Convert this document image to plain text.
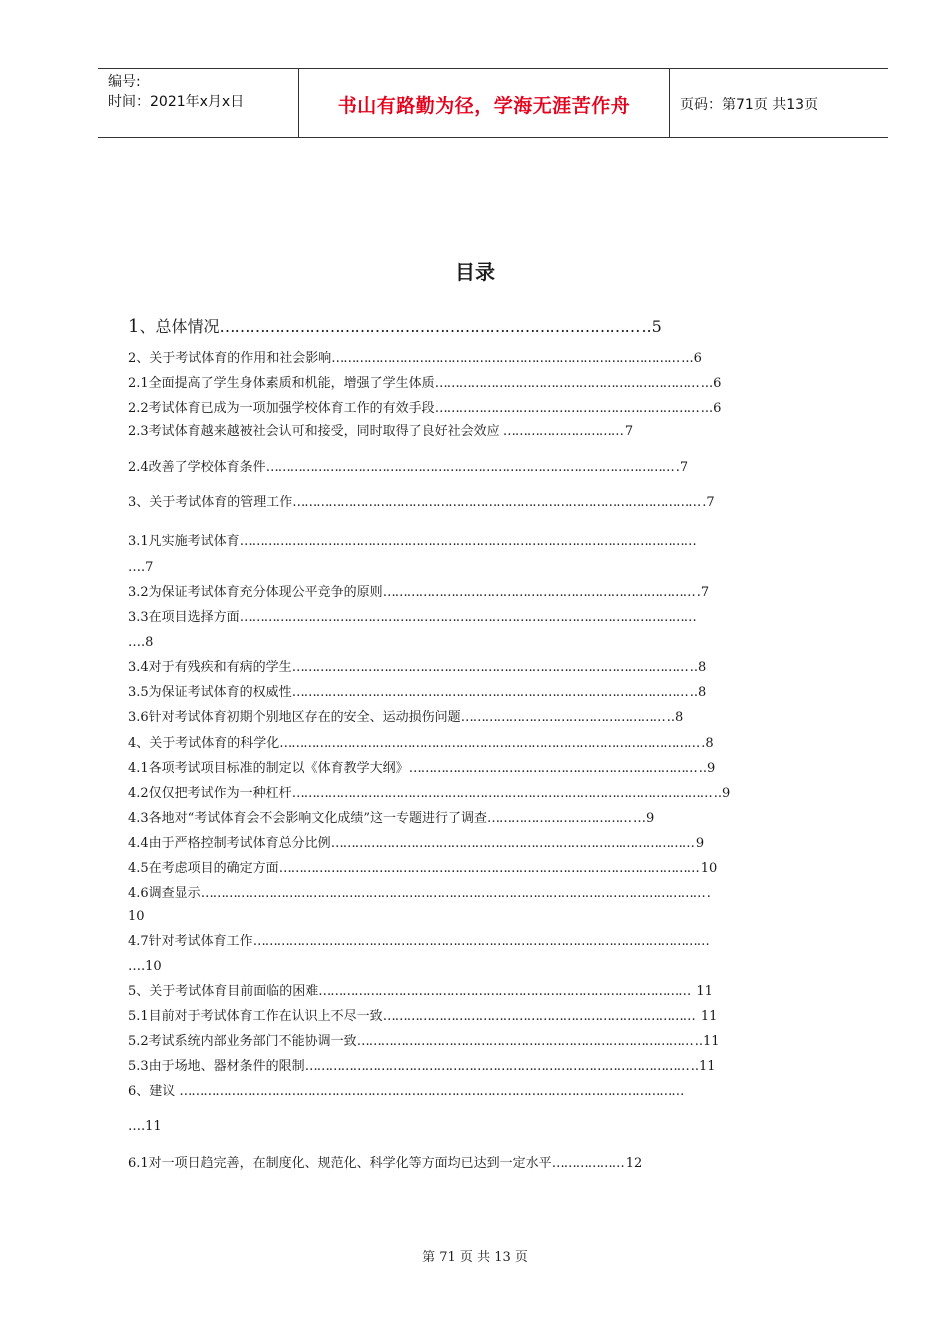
编号:
时间：2021年x月x日	书山有路勤为径，学海无涯苦作舟	页码：第71页 共13页
目录
1、总体情况………………………………………………………………………… ..5
2、关于考试体育的作用和社会影响…………………………………………………………………………… ...6
2.1全面提高了学生身体素质和机能，增强了学生体质………………………………………………………… ...6
2.2考试体育已成为一项加强学校体育工作的有效手段………………………………………………………… ...6
2.3考试体育越来越被社会认可和接受，同时取得了良好社会效应 ………………………… 7
2.4改善了学校体育条件………………………………………………………………………………………… .7
3、关于考试体育的管理工作………………………………………………………………………………………… .7
3.1凡实施考试体育……………………………………………………………………………………………………
….7
3.2为保证考试体育充分体现公平竞争的原则…………………………………………………………………… .7
3.3在项目选择方面……………………………………………………………………………………………………
….8
3.4对于有残疾和有病的学生……………………………………………………………………………………… ..8
3.5为保证考试体育的权威性……………………………………………………………………………………… ..8
3.6针对考试体育初期个别地区存在的安全、运动损伤问题…………………………………………… ..8
4、关于考试体育的科学化…………………………………………………………………………………………… .8
4.1各项考试项目标准的制定以《体育教学大纲》……………………………………………………………… ..9
4.2仅仅把考试作为一种杠杆…………………………………………………………………………………………… ..9
4.3各地对“考试体育会不会影响文化成绩”这一专题进行了调查……………………………… …9
4.4由于严格控制考试体育总分比例……………………………………………………………….……………… 9
4.5在考虑项目的确定方面…………………………………………………………………………………………… 10
4.6调查显示……………………………………………………………………………………………………………… .
10
4.7针对考试体育工作……………………………………………………………………………………………………
….10
5、关于考试体育目前面临的困难………………………………………………………………………………… 11
5.1目前对于考试体育工作在认识上不尽一致…………………………………………………………………… 11
5.2考试系统内部业务部门不能协调一致………………………………………………………………………… ..11
5.3由于场地、器材条件的限制…………………………………………………………………………………… ..11
6、建议 ………………………………………………………………………………………………………………
….11
6.1对一项日趋完善，在制度化、规范化、科学化等方面均已达到一定水平……………… 12
第 71 页 共 13 页
